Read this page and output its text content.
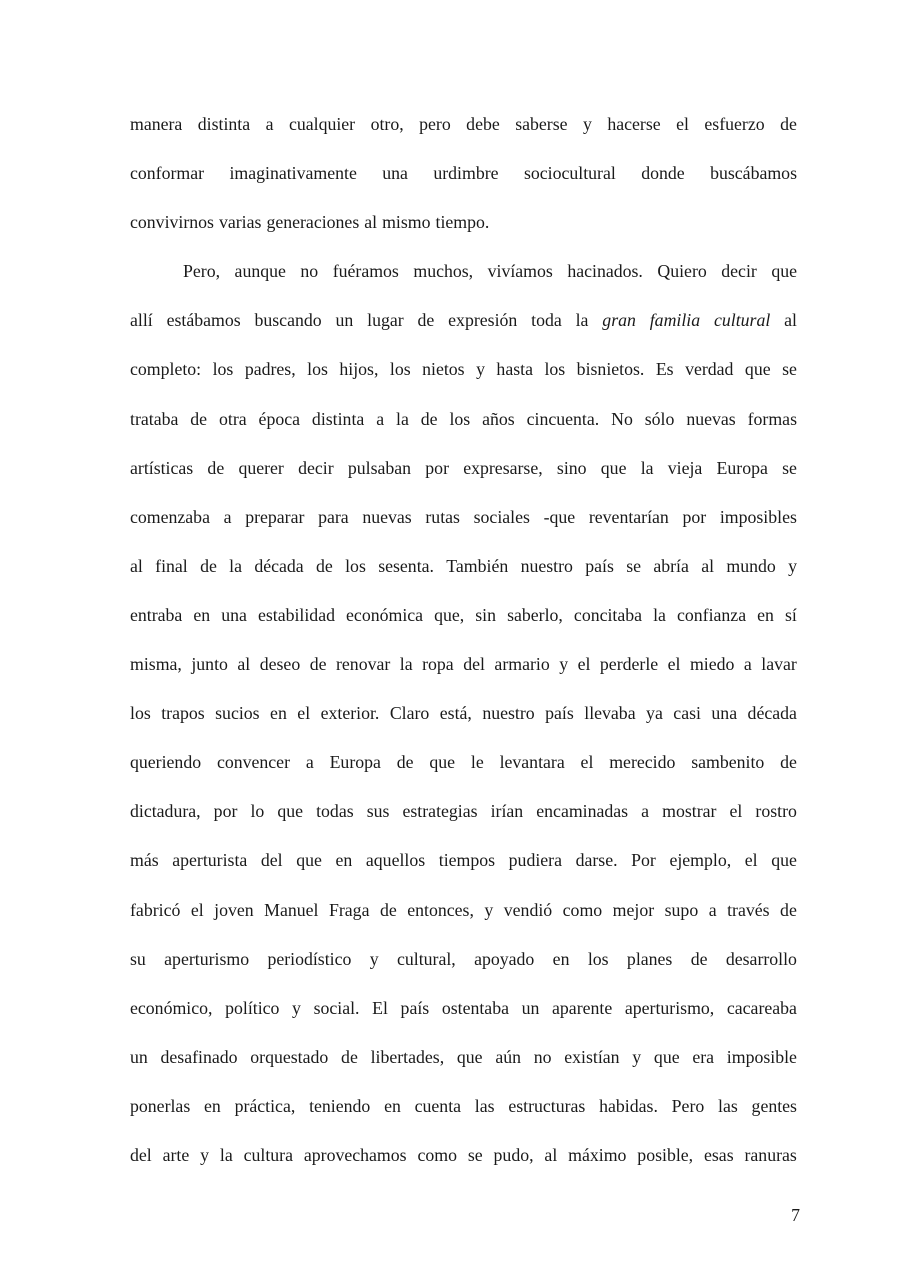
manera distinta a cualquier otro, pero debe saberse y hacerse el esfuerzo de
conformar imaginativamente una urdimbre sociocultural donde buscábamos
convivirnos varias generaciones al mismo tiempo.
Pero, aunque no fuéramos muchos, vivíamos hacinados. Quiero decir que
allí estábamos buscando un lugar de expresión toda la gran familia cultural al
completo: los padres, los hijos, los nietos y hasta los bisnietos. Es verdad que se
trataba de otra época distinta a la de los años cincuenta. No sólo nuevas formas
artísticas de querer decir pulsaban por expresarse, sino que la vieja Europa se
comenzaba a preparar para nuevas rutas sociales -que reventarían por imposibles
al final de la década de los sesenta. También nuestro país se abría al mundo y
entraba en una estabilidad económica que, sin saberlo, concitaba la confianza en sí
misma, junto al deseo de renovar la ropa del armario y el perderle el miedo a lavar
los trapos sucios en el exterior. Claro está, nuestro país llevaba ya casi una década
queriendo convencer a Europa de que le levantara el merecido sambenito de
dictadura, por lo que todas sus estrategias irían encaminadas a mostrar el rostro
más aperturista del que en aquellos tiempos pudiera darse. Por ejemplo, el que
fabricó el joven Manuel Fraga de entonces, y vendió como mejor supo a través de
su aperturismo periodístico y cultural, apoyado en los planes de desarrollo
económico, político y social. El país ostentaba un aparente aperturismo, cacareaba
un desafinado orquestado de libertades, que aún no existían y que era imposible
ponerlas en práctica, teniendo en cuenta las estructuras habidas. Pero las gentes
del arte y la cultura aprovechamos como se pudo, al máximo posible, esas ranuras
7
